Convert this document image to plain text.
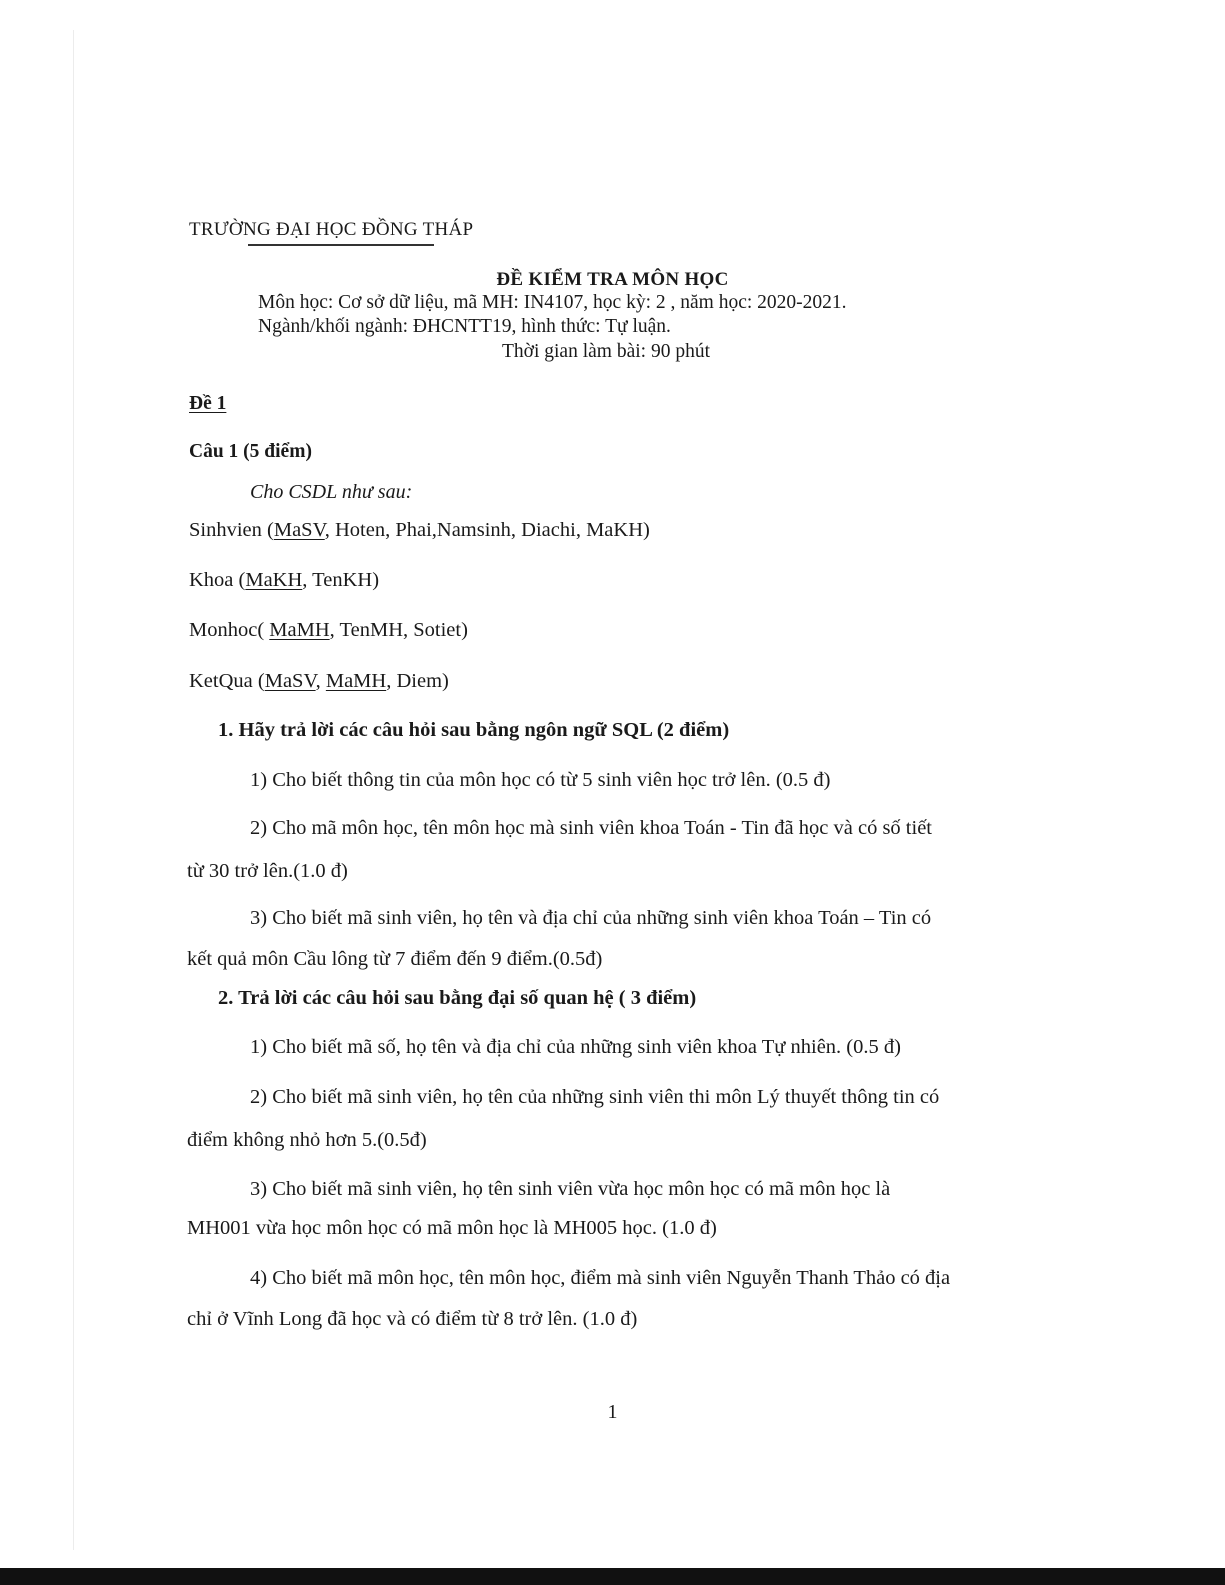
TRƯỜNG ĐẠI HỌC ĐỒNG THÁP
ĐỀ KIỂM TRA MÔN HỌC
Môn học: Cơ sở dữ liệu, mã MH: IN4107, học kỳ: 2 , năm học: 2020-2021.
Ngành/khối ngành: ĐHCNTT19, hình thức: Tự luận.
Thời gian làm bài: 90 phút
Đề 1
Câu 1 (5 điểm)
Cho CSDL như sau:
Sinhvien (MaSV, Hoten, Phai,Namsinh, Diachi, MaKH)
Khoa (MaKH, TenKH)
Monhoc( MaMH, TenMH, Sotiet)
KetQua (MaSV, MaMH, Diem)
1. Hãy trả lời các câu hỏi sau bằng ngôn ngữ SQL (2 điểm)
1) Cho biết thông tin của môn học có từ 5 sinh viên học trở lên. (0.5 đ)
2) Cho mã môn học, tên môn học mà sinh viên khoa Toán - Tin đã học và có số tiết
từ 30 trở lên.(1.0 đ)
3) Cho biết mã sinh viên, họ tên và địa chỉ của những sinh viên khoa Toán – Tin có
kết quả môn Cầu lông từ 7 điểm đến 9 điểm.(0.5đ)
2. Trả lời các câu hỏi sau bằng đại số quan hệ ( 3 điểm)
1) Cho biết mã số, họ tên và địa chỉ của những sinh viên khoa Tự nhiên. (0.5 đ)
2) Cho biết mã sinh viên, họ tên của những sinh viên thi môn Lý thuyết thông tin có
điểm không nhỏ hơn 5.(0.5đ)
3) Cho biết mã sinh viên, họ tên sinh viên vừa học môn học có mã môn học là
MH001 vừa học môn học có mã môn học là MH005 học. (1.0 đ)
4) Cho biết mã môn học, tên môn học, điểm mà sinh viên Nguyễn Thanh Thảo có địa
chỉ ở Vĩnh Long đã học và có điểm từ 8 trở lên. (1.0 đ)
1
